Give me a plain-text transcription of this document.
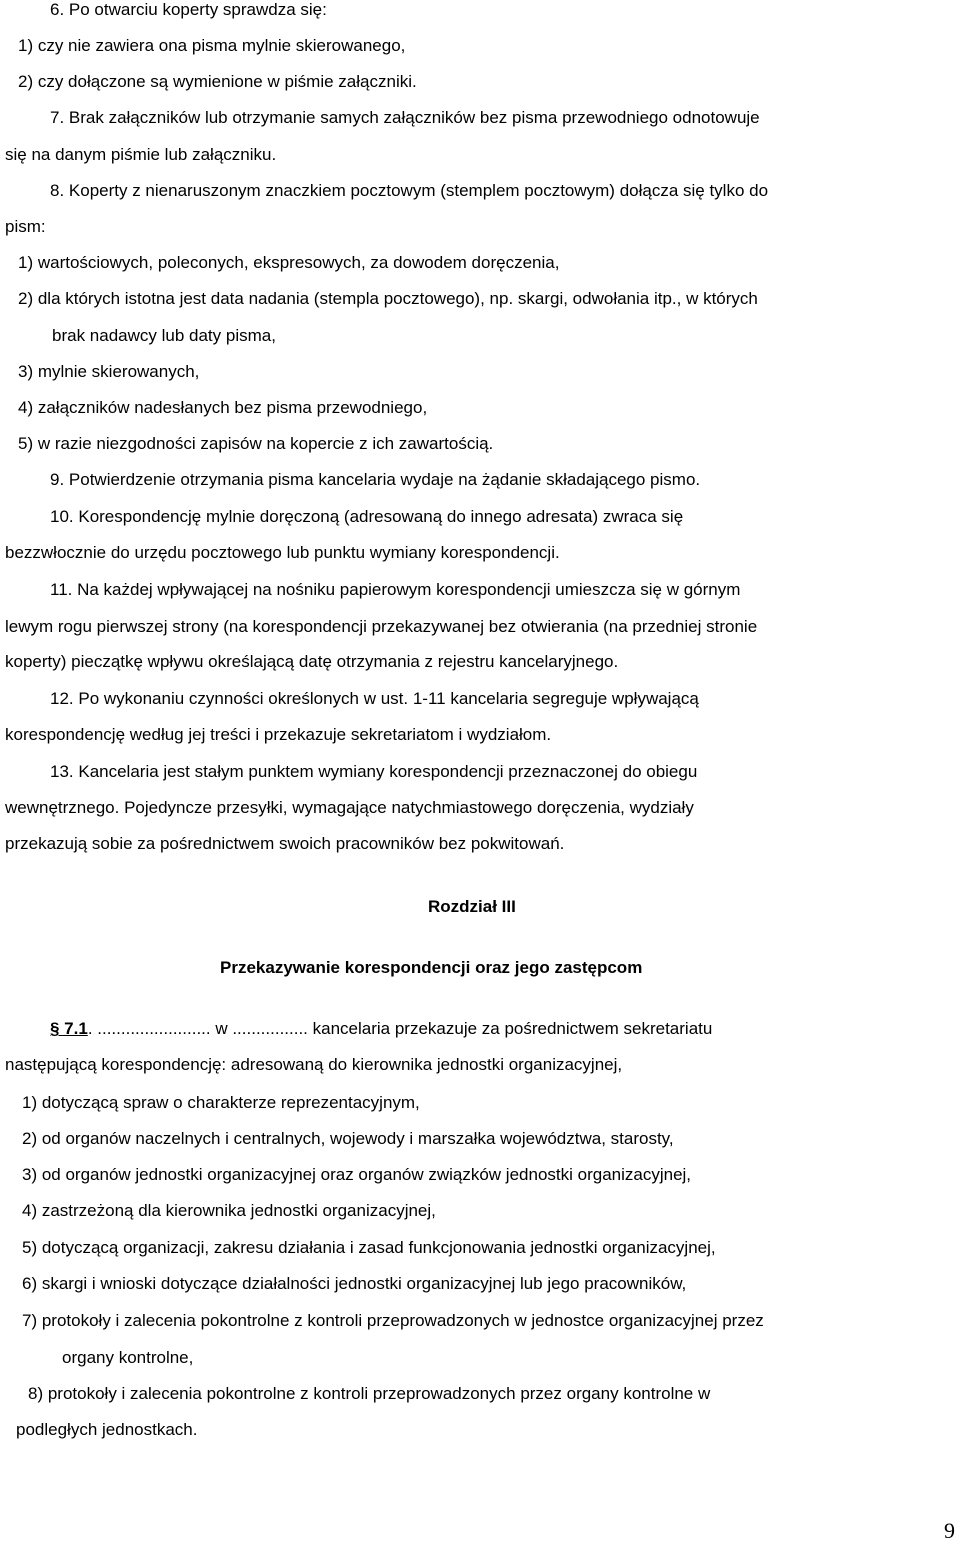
6. Po otwarciu koperty sprawdza się:
1) czy nie zawiera ona pisma mylnie skierowanego,
2) czy dołączone są wymienione w piśmie załączniki.
7. Brak załączników lub otrzymanie samych załączników bez pisma przewodniego odnotowuje
się na danym piśmie lub załączniku.
8. Koperty z nienaruszonym znaczkiem pocztowym (stemplem pocztowym) dołącza się tylko do
pism:
1) wartościowych, poleconych, ekspresowych, za dowodem doręczenia,
2) dla których istotna jest data nadania (stempla pocztowego), np. skargi, odwołania itp., w których
brak nadawcy lub daty pisma,
3) mylnie skierowanych,
4) załączników nadesłanych bez pisma przewodniego,
5) w razie niezgodności zapisów na kopercie z ich zawartością.
9. Potwierdzenie otrzymania pisma kancelaria wydaje na żądanie składającego pismo.
10. Korespondencję mylnie doręczoną (adresowaną do innego adresata) zwraca się
bezzwłocznie do urzędu pocztowego lub punktu wymiany korespondencji.
11. Na każdej wpływającej na nośniku papierowym korespondencji umieszcza się w górnym
lewym rogu pierwszej strony (na korespondencji przekazywanej bez otwierania (na przedniej stronie
koperty) pieczątkę wpływu określającą datę otrzymania z rejestru kancelaryjnego.
12. Po wykonaniu czynności określonych w ust. 1-11 kancelaria segreguje wpływającą
korespondencję według jej treści i przekazuje sekretariatom i wydziałom.
13. Kancelaria jest stałym punktem wymiany korespondencji przeznaczonej do obiegu
wewnętrznego. Pojedyncze przesyłki, wymagające natychmiastowego doręczenia, wydziały
przekazują sobie za pośrednictwem swoich pracowników bez pokwitowań.
Rozdział III
Przekazywanie korespondencji oraz jego zastępcom
§ 7.1. ........................ w ................ kancelaria przekazuje za pośrednictwem sekretariatu
następującą korespondencję: adresowaną do kierownika jednostki organizacyjnej,
1) dotyczącą spraw o charakterze reprezentacyjnym,
2) od organów naczelnych i centralnych, wojewody i marszałka województwa, starosty,
3) od organów jednostki organizacyjnej oraz organów związków jednostki organizacyjnej,
4) zastrzeżoną dla kierownika jednostki organizacyjnej,
5) dotyczącą organizacji, zakresu działania i zasad funkcjonowania jednostki organizacyjnej,
6) skargi i wnioski dotyczące działalności jednostki organizacyjnej lub jego pracowników,
7) protokoły i zalecenia pokontrolne z kontroli przeprowadzonych w jednostce organizacyjnej przez
organy kontrolne,
8) protokoły i zalecenia pokontrolne z kontroli przeprowadzonych przez organy kontrolne w
podległych jednostkach.
9
